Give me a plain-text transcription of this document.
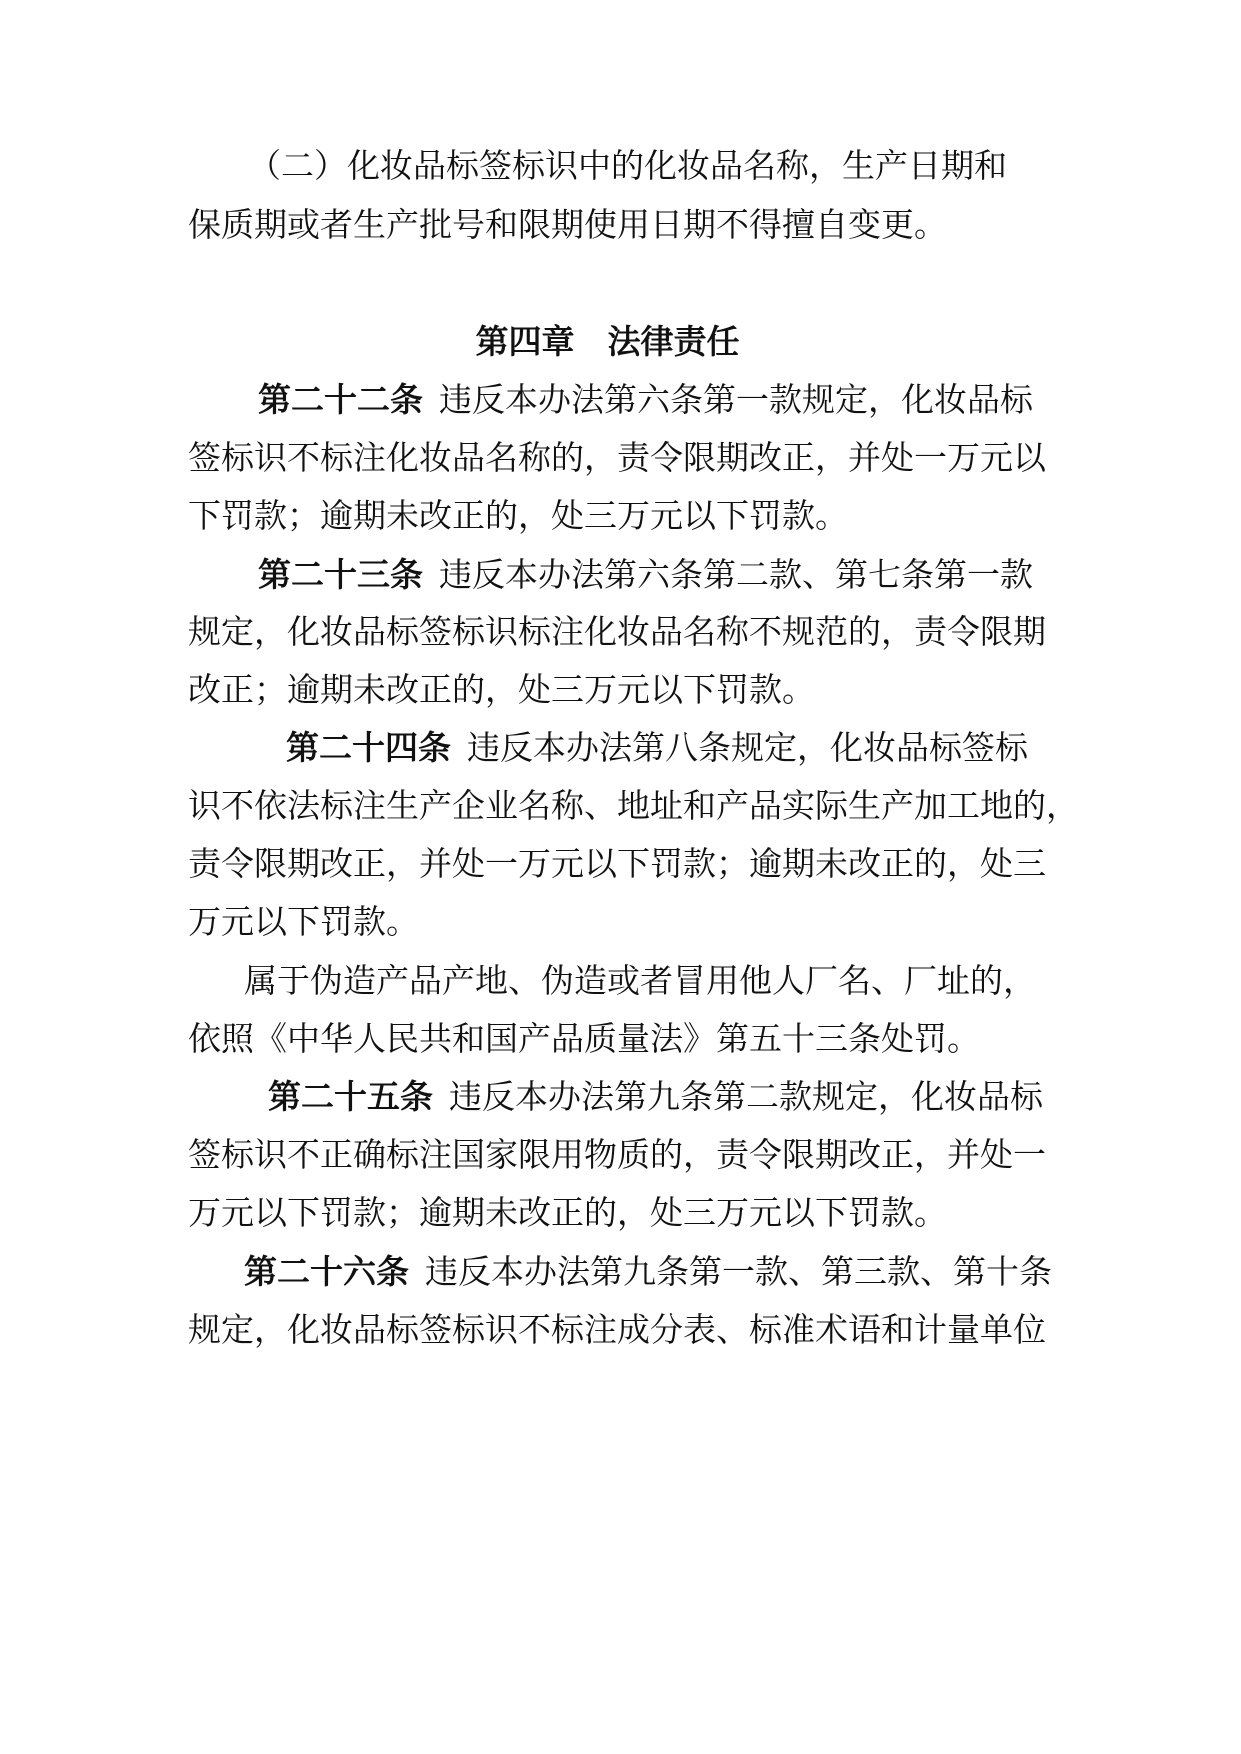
（二）化妆品标签标识中的化妆品名称，生产日期和
保质期或者生产批号和限期使用日期不得擅自变更。
第四章　法律责任
第二十二条 违反本办法第六条第一款规定，化妆品标
签标识不标注化妆品名称的，责令限期改正，并处一万元以
下罚款；逾期未改正的，处三万元以下罚款。
第二十三条 违反本办法第六条第二款、第七条第一款
规定，化妆品标签标识标注化妆品名称不规范的，责令限期
改正；逾期未改正的，处三万元以下罚款。
第二十四条 违反本办法第八条规定，化妆品标签标
识不依法标注生产企业名称、地址和产品实际生产加工地的，
责令限期改正，并处一万元以下罚款；逾期未改正的，处三
万元以下罚款。
属于伪造产品产地、伪造或者冒用他人厂名、厂址的，
依照《中华人民共和国产品质量法》第五十三条处罚。
第二十五条 违反本办法第九条第二款规定，化妆品标
签标识不正确标注国家限用物质的，责令限期改正，并处一
万元以下罚款；逾期未改正的，处三万元以下罚款。
第二十六条 违反本办法第九条第一款、第三款、第十条
规定，化妆品标签标识不标注成分表、标准术语和计量单位
